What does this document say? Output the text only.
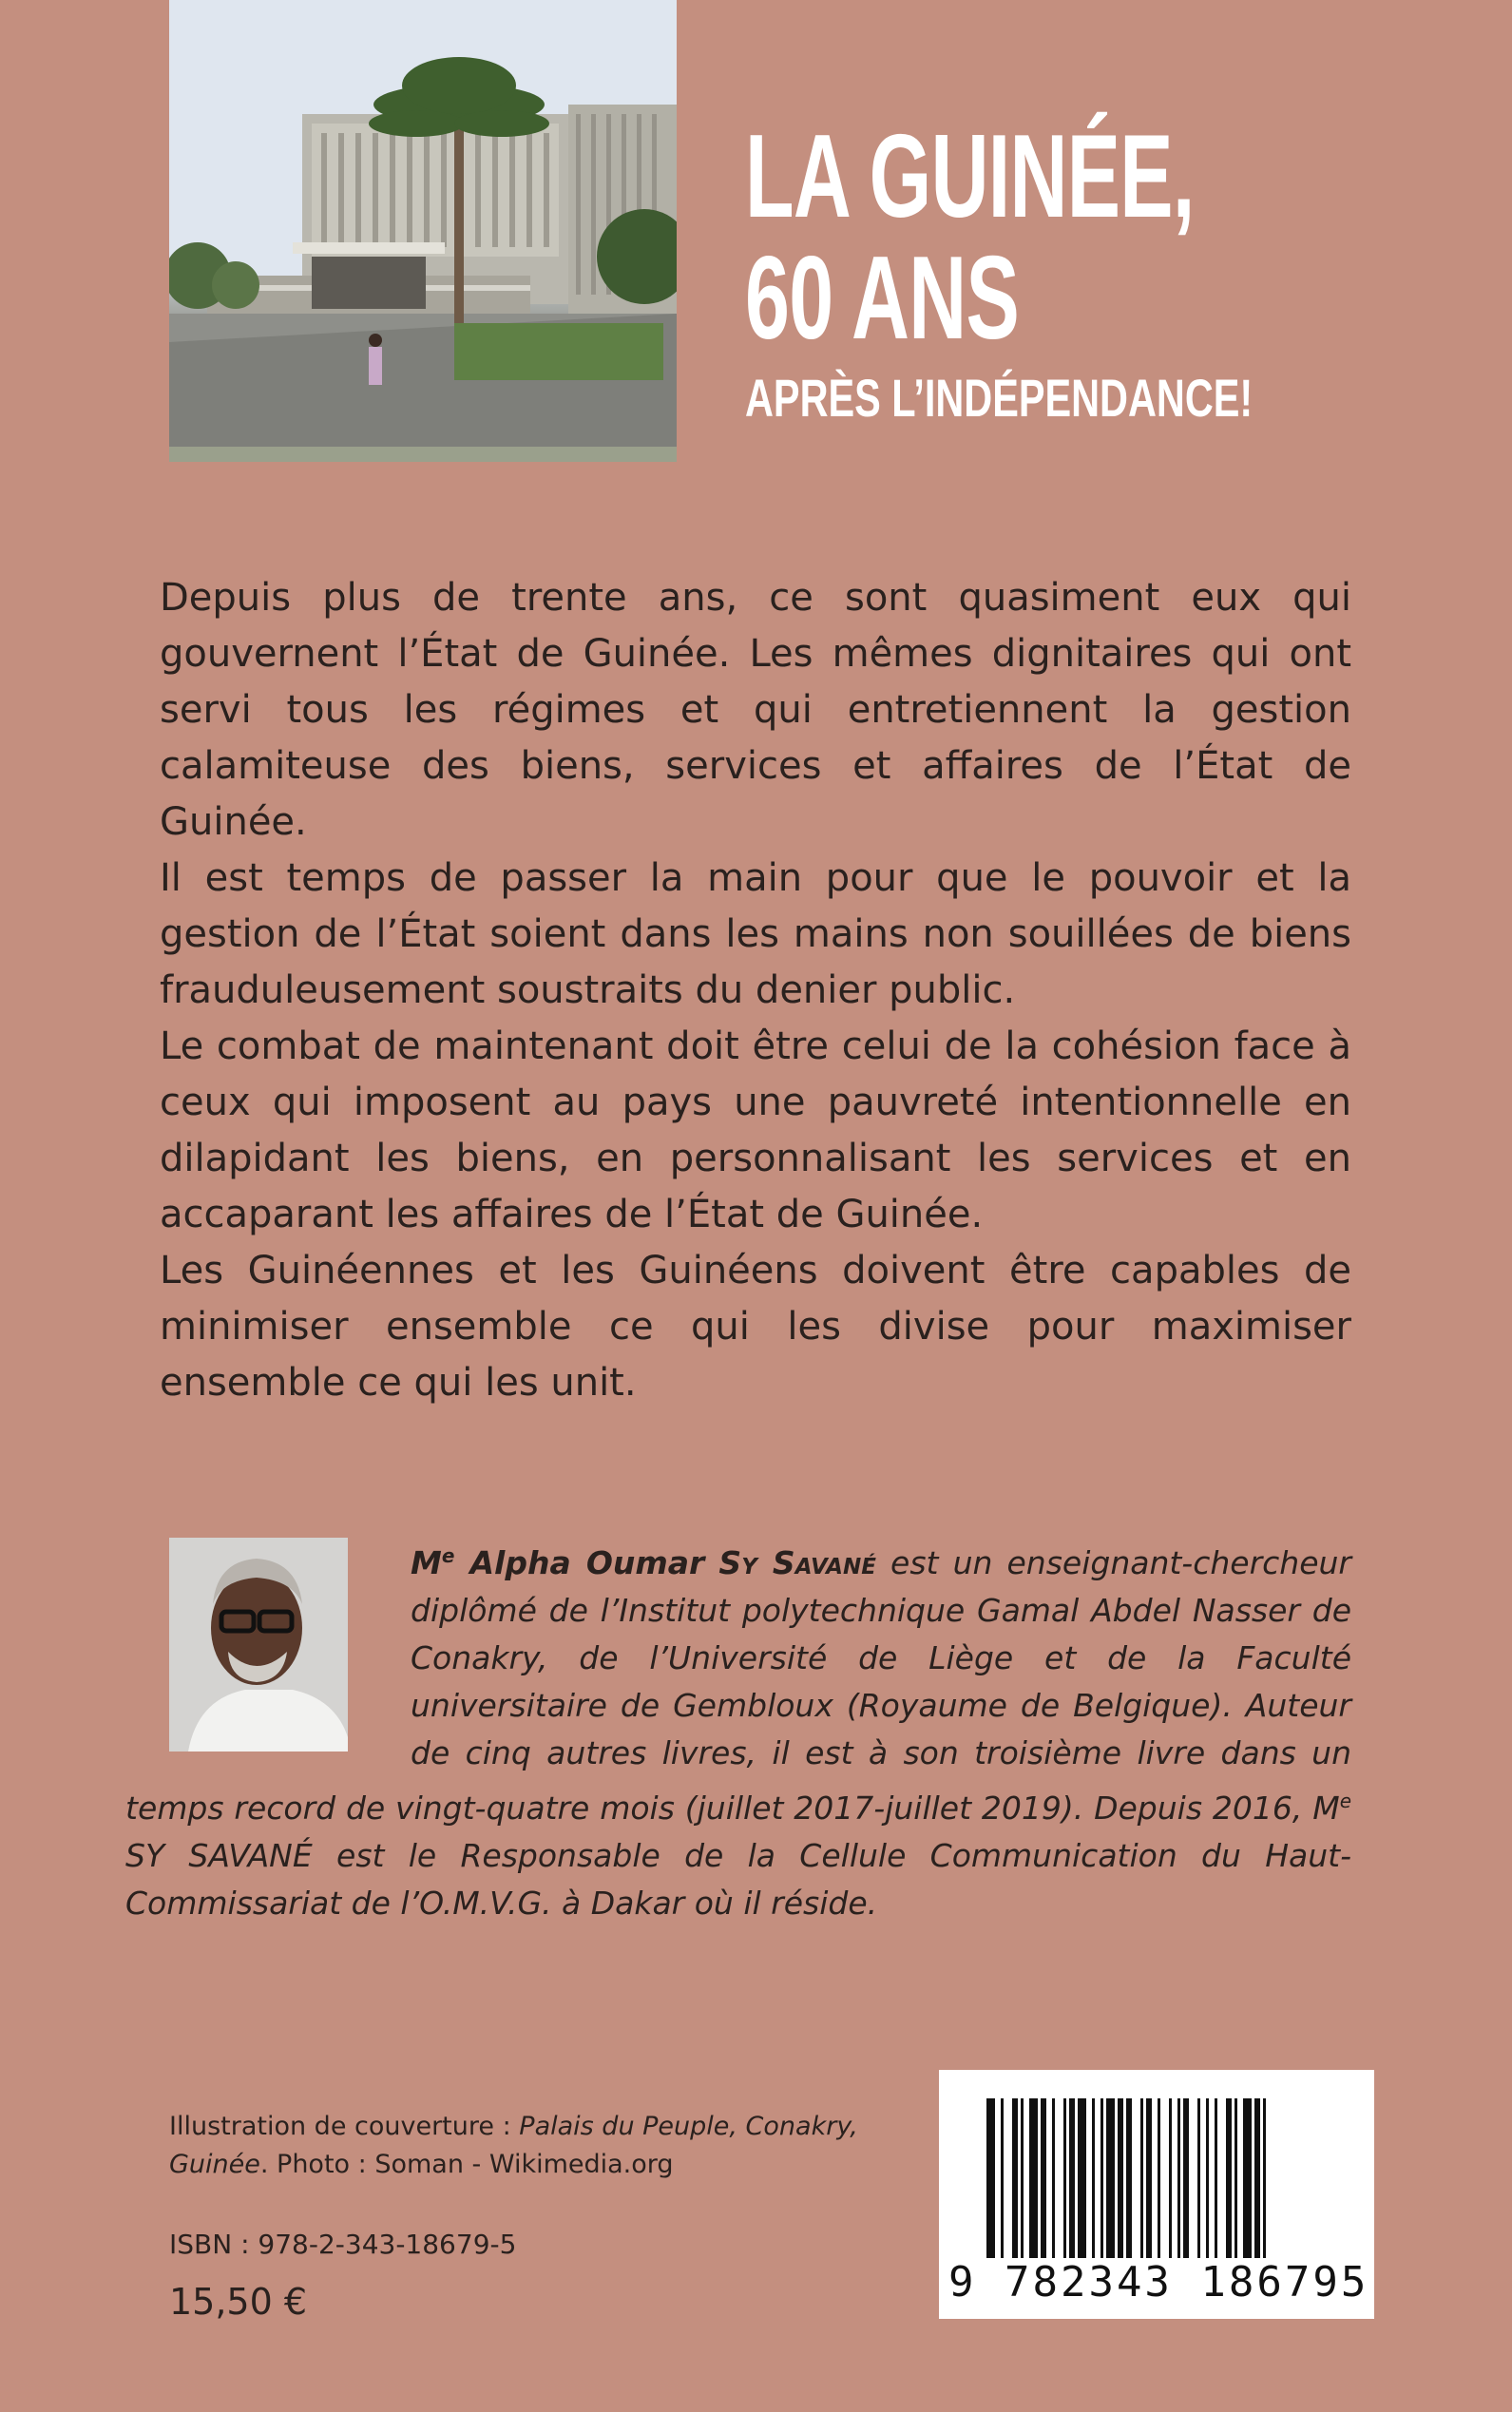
LA GUINÉE,
60 ANS
APRÈS L’INDÉPENDANCE!

Depuis plus de trente ans, ce sont quasiment eux qui gouvernent l’État de Guinée. Les mêmes dignitaires qui ont servi tous les régimes et qui entretiennent la gestion calamiteuse des biens, services et affaires de l’État de Guinée.

Il est temps de passer la main pour que le pouvoir et la gestion de l’État soient dans les mains non souillées de biens frauduleusement soustraits du denier public.

Le combat de maintenant doit être celui de la cohésion face à ceux qui imposent au pays une pauvreté intentionnelle en dilapidant les biens, en personnalisant les services et en accaparant les affaires de l’État de Guinée.

Les Guinéennes et les Guinéens doivent être capables de minimiser ensemble ce qui les divise pour maximiser ensemble ce qui les unit.

Me Alpha Oumar Sy Savané est un enseignant-chercheur diplômé de l’Institut polytechnique Gamal Abdel Nasser de Conakry, de l’Université de Liège et de la Faculté universitaire de Gembloux (Royaume de Belgique). Auteur de cinq autres livres, il est à son troisième livre dans un temps record de vingt-quatre mois (juillet 2017-juillet 2019). Depuis 2016, Me SY SAVANÉ est le Responsable de la Cellule Communication du Haut-Commissariat de l’O.M.V.G. à Dakar où il réside.
Illustration de couverture : Palais du Peuple, Conakry, Guinée. Photo : Soman - Wikimedia.org
ISBN : 978-2-343-18679-5
15,50 €	9 782343 186795
